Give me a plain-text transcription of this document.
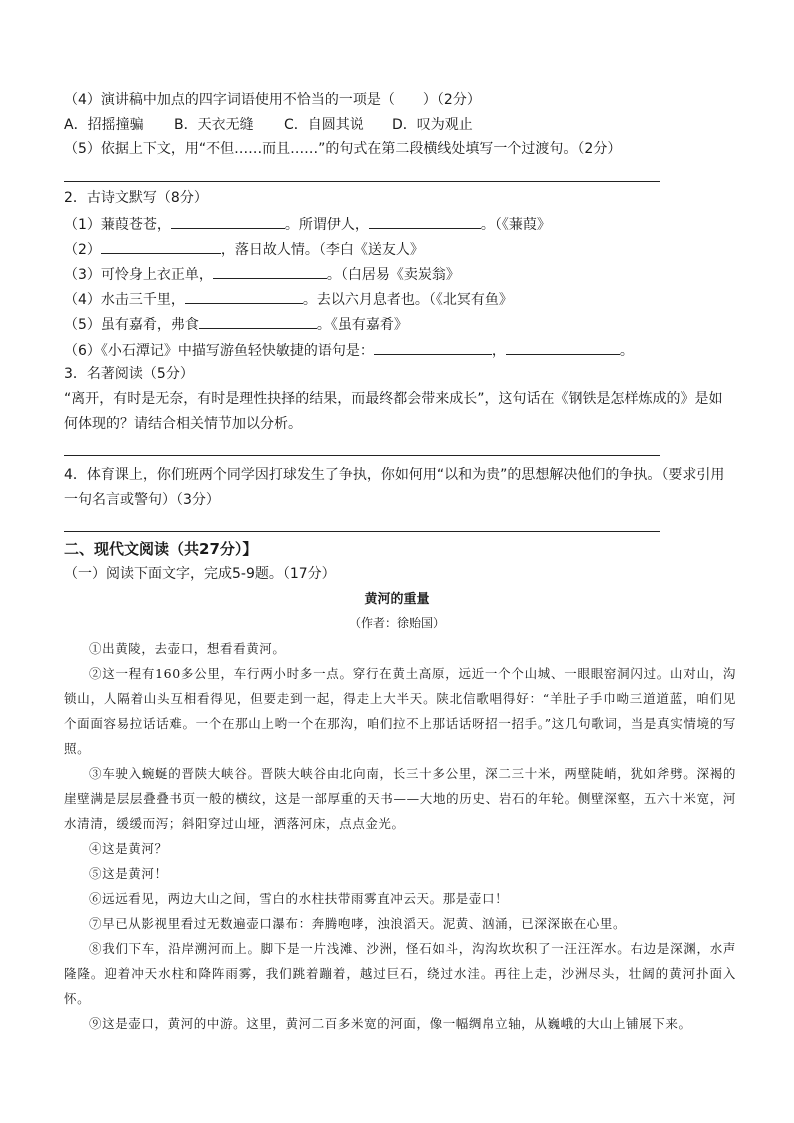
（4）演讲稿中加点的四字词语使用不恰当的一项是（　　）（2分）
A．招摇撞骗 B．天衣无缝 C．自圆其说 D．叹为观止
（5）依据上下文，用“不但……而且……”的句式在第二段横线处填写一个过渡句。（2分）
2．古诗文默写（8分）
（1）蒹葭苍苍，	。所谓伊人，	。（《蒹葭》
（2）	，落日故人情。（李白《送友人》
（3）可怜身上衣正单，	。（白居易《卖炭翁》
（4）水击三千里，	。去以六月息者也。（《北冥有鱼》
（5）虽有嘉肴，弗食	。《虽有嘉肴》
（6）《小石潭记》中描写游鱼轻快敏捷的语句是：	，	。
3．名著阅读（5分）
“离开，有时是无奈，有时是理性抉择的结果，而最终都会带来成长”，这句话在《钢铁是怎样炼成的》是如
何体现的？请结合相关情节加以分析。
4．体育课上，你们班两个同学因打球发生了争执，你如何用“以和为贵”的思想解决他们的争执。（要求引用
一句名言或警句）（3分）
二、现代文阅读（共27分）】
（一）阅读下面文字，完成5-9题。（17分）
黄河的重量
（作者：徐贻国）

①出黄陵，去壶口，想看看黄河。

②这一程有160多公里，车行两小时多一点。穿行在黄土高原，远近一个个山城、一眼眼窑洞闪过。山对山，沟锁山，人隔着山头互相看得见，但要走到一起，得走上大半天。陕北信歌唱得好：“羊肚子手巾呦三道道蓝，咱们见个面面容易拉话话难。一个在那山上哟一个在那沟，咱们拉不上那话话呀招一招手。”这几句歌词，当是真实情境的写照。

③车驶入蜿蜒的晋陕大峡谷。晋陕大峡谷由北向南，长三十多公里，深二三十米，两壁陡峭，犹如斧劈。深褐的崖壁满是层层叠叠书页一般的横纹，这是一部厚重的天书——大地的历史、岩石的年轮。侧壁深壑，五六十米宽，河水清清，缓缓而泻；斜阳穿过山垭，洒落河床，点点金光。

④这是黄河？

⑤这是黄河！

⑥远远看见，两边大山之间，雪白的水柱扶带雨雾直冲云天。那是壶口！

⑦早已从影视里看过无数遍壶口瀑布：奔腾咆哮，浊浪滔天。泥黄、汹涌，已深深嵌在心里。

⑧我们下车，沿岸溯河而上。脚下是一片浅滩、沙洲，怪石如斗，沟沟坎坎积了一汪汪浑水。右边是深渊，水声隆隆。迎着冲天水柱和降阵雨雾，我们跳着蹦着，越过巨石，绕过水洼。再往上走，沙洲尽头，壮阔的黄河扑面入怀。

⑨这是壶口，黄河的中游。这里，黄河二百多米宽的河面，像一幅绸帛立轴，从巍峨的大山上铺展下来。
